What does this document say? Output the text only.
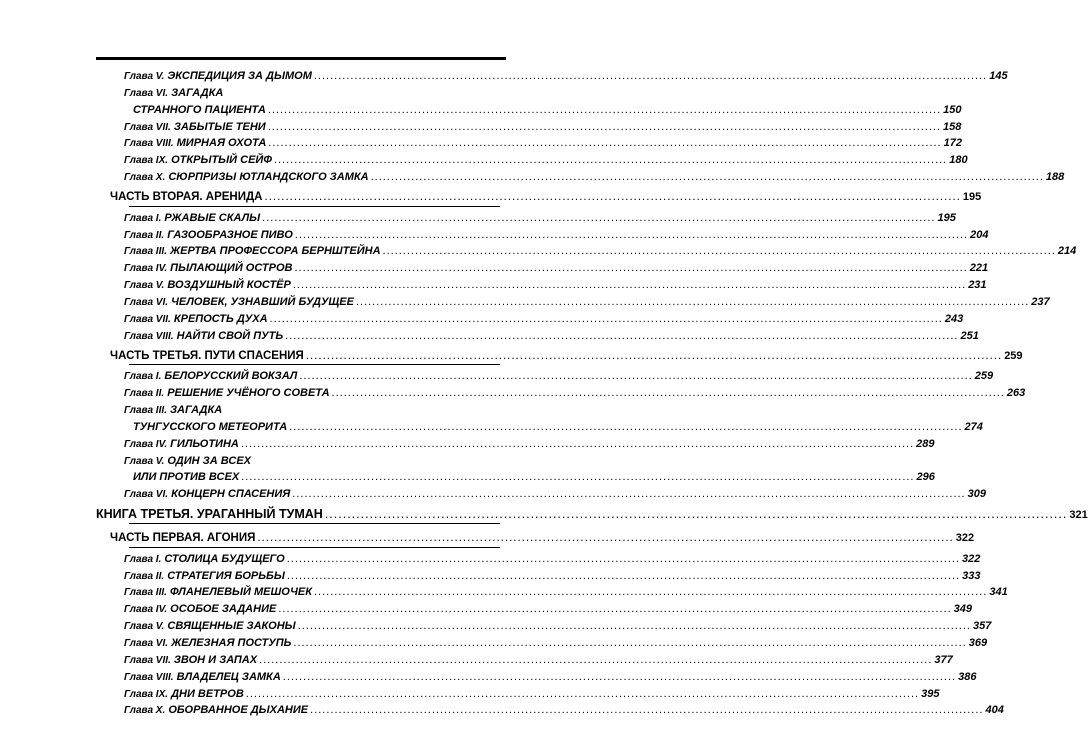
Глава V. ЭКСПЕДИЦИЯ ЗА ДЫМОМ .....	145
Глава VI. ЗАГАДКА
СТРАННОГО ПАЦИЕНТА .....	150
Глава VII. ЗАБЫТЫЕ ТЕНИ .....	158
Глава VIII. МИРНАЯ ОХОТА .....	172
Глава IX. ОТКРЫТЫЙ СЕЙФ .....	180
Глава X. СЮРПРИЗЫ ЮТЛАНДСКОГО ЗАМКА .....	188
ЧАСТЬ ВТОРАЯ. АРЕНИДА .....	195
Глава I. РЖАВЫЕ СКАЛЫ .....	195
Глава II. ГАЗООБРАЗНОЕ ПИВО .....	204
Глава III. ЖЕРТВА ПРОФЕССОРА БЕРНШТЕЙНА .....	214
Глава IV. ПЫЛАЮЩИЙ ОСТРОВ .....	221
Глава V. ВОЗДУШНЫЙ КОСТЁР .....	231
Глава VI. ЧЕЛОВЕК, УЗНАВШИЙ БУДУЩЕЕ .....	237
Глава VII. КРЕПОСТЬ ДУХА .....	243
Глава VIII. НАЙТИ СВОЙ ПУТЬ .....	251
ЧАСТЬ ТРЕТЬЯ. ПУТИ СПАСЕНИЯ .....	259
Глава I. БЕЛОРУССКИЙ ВОКЗАЛ .....	259
Глава II. РЕШЕНИЕ УЧЁНОГО СОВЕТА .....	263
Глава III. ЗАГАДКА
ТУНГУССКОГО МЕТЕОРИТА .....	274
Глава IV. ГИЛЬОТИНА .....	289
Глава V. ОДИН ЗА ВСЕХ
ИЛИ ПРОТИВ ВСЕХ .....	296
Глава VI. КОНЦЕРН СПАСЕНИЯ .....	309
КНИГА ТРЕТЬЯ. УРАГАННЫЙ ТУМАН .....	321
ЧАСТЬ ПЕРВАЯ. АГОНИЯ .....	322
Глава I. СТОЛИЦА БУДУЩЕГО .....	322
Глава II. СТРАТЕГИЯ БОРЬБЫ .....	333
Глава III. ФЛАНЕЛЕВЫЙ МЕШОЧЕК .....	341
Глава IV. ОСОБОЕ ЗАДАНИЕ .....	349
Глава V. СВЯЩЕННЫЕ ЗАКОНЫ .....	357
Глава VI. ЖЕЛЕЗНАЯ ПОСТУПЬ .....	369
Глава VII. ЗВОН И ЗАПАХ .....	377
Глава VIII. ВЛАДЕЛЕЦ ЗАМКА .....	386
Глава IX. ДНИ ВЕТРОВ .....	395
Глава X. ОБОРВАННОЕ ДЫХАНИЕ .....	404
